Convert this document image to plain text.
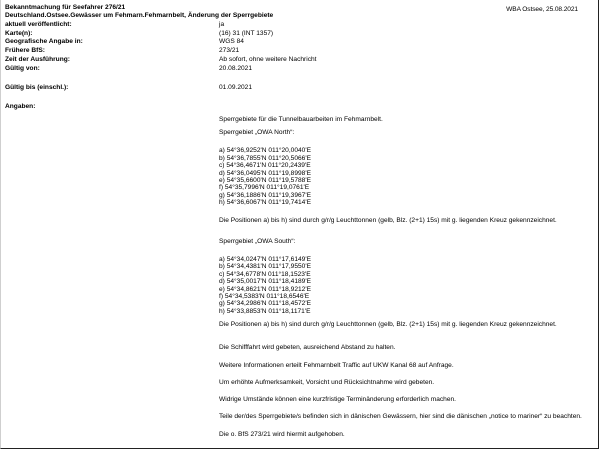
WBA Ostsee, 25.08.2021
Bekanntmachung für Seefahrer 276/21
Deutschland.Ostsee.Gewässer um Fehmarn.Fehmarnbelt, Änderung der Sperrgebiete
aktuell veröffentlicht:	ja
Karte(n):	(16) 31 (INT 1357)
Geografische Angabe in:	WGS 84
Frühere BfS:	273/21
Zeit der Ausführung:	Ab sofort, ohne weitere Nachricht
Gültig von:	20.08.2021
Gültig bis (einschl.):	01.09.2021
Angaben:

Sperrgebiete für die Tunnelbauarbeiten im Fehmarnbelt.

Sperrgebiet „OWA North“:

a) 54°36,9252'N 011°20,0040'E
b) 54°36,7855'N 011°20,5066'E
c) 54°36,4671'N 011°20,2439'E
d) 54°36,0495'N 011°19,8998'E
e) 54°35,6600'N 011°19,5788'E
f) 54°35,7996'N 011°19,0761'E
g) 54°36,1886'N 011°19,3967'E
h) 54°36,6067'N 011°19,7414'E

Die Positionen a) bis h) sind durch g/r/g Leuchttonnen (gelb, Blz. (2+1) 15s) mit g. liegenden Kreuz gekennzeichnet.

Sperrgebiet „OWA South“:

a) 54°34,0247'N 011°17,6149'E
b) 54°34,4381'N 011°17,9550'E
c) 54°34,6778'N 011°18,1523'E
d) 54°35,0017'N 011°18,4189'E
e) 54°34,8621'N 011°18,9212'E
f) 54°34,5383'N 011°18,6546'E
g) 54°34,2986'N 011°18,4572'E
h) 54°33,8853'N 011°18,1171'E

Die Positionen a) bis h) sind durch g/r/g Leuchttonnen (gelb, Blz. (2+1) 15s) mit g. liegenden Kreuz gekennzeichnet.

Die Schifffahrt wird gebeten, ausreichend Abstand zu halten.

Weitere Informationen erteilt Fehmarnbelt Traffic auf UKW Kanal 68 auf Anfrage.

Um erhöhte Aufmerksamkeit, Vorsicht und Rücksichtnahme wird gebeten.

Widrige Umstände können eine kurzfristige Terminänderung erforderlich machen.

Teile der/des Sperrgebiete/s befinden sich in dänischen Gewässern, hier sind die dänischen „notice to mariner“ zu beachten.

Die o. BfS 273/21 wird hiermit aufgehoben.
